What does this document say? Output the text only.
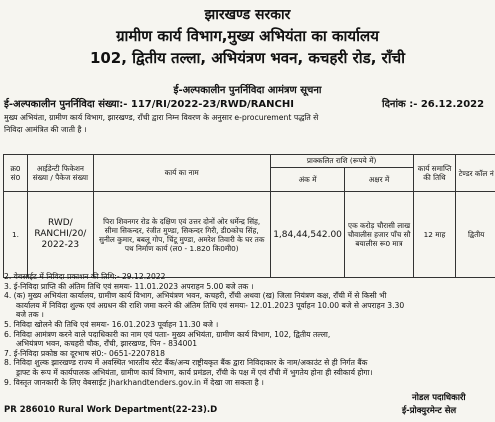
झारखण्ड सरकार
ग्रामीण कार्य विभाग,मुख्य अभियंता का कार्यालय
102, द्वितीय तल्ला, अभियंत्रण भवन, कचहरी रोड, राँची
ई-अल्पकालीन पुनर्निविदा आमंत्रण सूचना
ई-अल्पकालीन पुनर्निविदा संख्या:- 117/RI/2022-23/RWD/RANCHI	दिनांक :- 26.12.2022
मुख्य अभियंता, ग्रामीण कार्य विभाग, झारखण्ड, राँची द्वारा निम्न विवरण के अनुसार e-procurement पद्धति से
निविदा आमंत्रित की जाती है ।
क्र0 सं0	आईडेन्टी फिकेशन संख्या / पैकेज संख्या	कार्य का नाम	प्राक्कलित राशि (रूपये में)		कार्य समाप्ति की तिथि	टेण्डर कॉल नं

			अंक में	अक्षर में		
1.	RWD/ RANCHI/20/ 2022-23	पिरा शिवनगर रोड के दक्षिण एवं उत्तर दोनों ओर धर्मेन्द्र सिंह, सीमा सिकन्दर, रंजीत मुण्डा, सिकन्दर गिरी, डी0कोच सिंह, सुनील कुमार, बबलू गोप, चिंटू मुण्डा, अमरेश तिवारी के घर तक पथ निर्माण कार्य (ल0 - 1.820 कि0मी0)	1,84,44,542.00	एक करोड़ चौरासी लाख चौवालीस हजार पाँच सौ बयालीस रू0 मात्र	12 माह	द्वितीय
2. वेबसाईट में निविदा प्रकाशन की तिथि:- 29.12.2022
3. ई-निविदा प्राप्ति की अंतिम तिथि एवं समयः- 11.01.2023 अपराहन 5.00 बजे तक ।
4. (क) मुख्य अभियंता कार्यालय, ग्रामीण कार्य विभाग, अभियंत्रण भवन, कचहरी, राँची अथवा (ख) जिला नियंत्रण कक्ष, राँची में से किसी भी
कार्यालय में निविदा शुल्क एवं अग्रधन की राशि जमा करने की अंतिम तिथि एवं समयः- 12.01.2023 पूर्वाहन 10.00 बजे से अपराहन 3.30
बजे तक ।
5. निविदा खोलने की तिथि एवं समयः- 16.01.2023 पूर्वाहन 11.30 बजे ।
6. निविदा आमंत्रण करने वाले पदाधिकारी का नाम एवं पताः- मुख्य अभियंता, ग्रामीण कार्य विभाग, 102, द्वितीय तल्ला,
अभियंत्रण भवन, कचहरी चौक, राँची, झारखण्ड, पिन - 834001
7. ई-निविदा प्रकोष्ठ का दूरभाष सं0:- 0651-2207818
8. निविदा शुल्क झारखण्ड राज्य में अवस्थित भारतीय स्टेट बैंक/अन्य राष्ट्रीयकृत बैंक द्वारा निविदाकार के नाम/अकाउंट से ही निर्गत बैंक
ड्राफ्ट के रूप में कार्यपालक अभियंता, ग्रामीण कार्य विभाग, कार्य प्रमंडल, राँची के पक्ष में एवं राँची में भुगतेय होना ही स्वीकार्य होगा।
9. विस्तृत जानकारी के लिए वेबसाईट jharkhandtenders.gov.in में देखा जा सकता है ।
नोडल पदाधिकारी
PR 286010 Rural Work Department(22-23).D	ई-प्रोक्युरमेन्ट सेल
